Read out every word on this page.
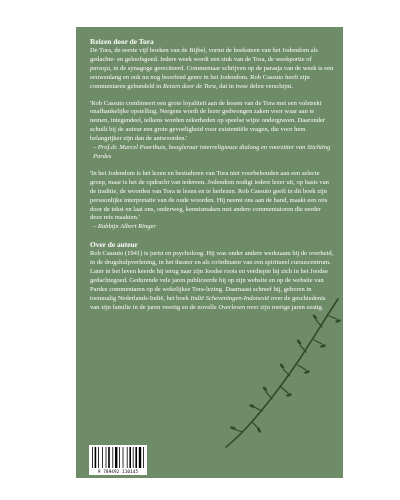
Reizen door de Tora

De Tora, de eerste vijf boeken van de Bijbel, vormt de hoeksteen van het Jodendom als gedachte- en geloofsgoed. Iedere week wordt een stuk van de Tora, de weekportie of parasja, in de synagoge gereciteerd. Commentaar schrijven op de parasja van de week is een eeuwenlang en ook nu nog beoefend genre in het Jodendom. Rob Cassuto heeft zijn commentaren gebundeld in Reizen door de Tora, dat in twee delen verschijnt.

'Rob Cassuto combineert een grote loyaliteit aan de lessen van de Tora met een volstrekt onafhankelijke opstelling. Nergens wordt de lezer gedwongen zaken voor waar aan te nemen, integendeel, telkens worden zekerheden op speelse wijze ondergraven. Daaronder schuilt bij de auteur een grote gevoeligheid voor existentiële vragen, die voor hem belangrijker zijn dan de antwoorden.'

– Prof.dr. Marcel Poorthuis, hoogleraar interreligieuze dialoog en voorzitter van Stichting Pardes

'In het Jodendom is het lezen en bestuderen van Tora niet voorbehouden aan een selecte groep, maar is het de opdracht van iedereen. Jodendom nodigt iedere lezer uit, op basis van de traditie, de woorden van Tora te lezen en te herlezen. Rob Cassuto geeft in dit boek zijn persoonlijke interpretatie van de oude woorden. Hij neemt ons aan de hand, maakt een reis door de tekst en laat ons, onderweg, kennismaken met andere commentatoren die eerder deze reis maakten.'

– Rabbijn Albert Ringer

Over de auteur

Rob Cassuto (1941) is jurist en psycholoog. Hij was onder andere werkzaam bij de overheid, in de drugshulpverlening, in het theater en als coördinator van een spiritueel cursuscentrum. Later in het leven keerde hij terug naar zijn Joodse roots en verdiepte hij zich in het Joodse gedachtegoed. Gedurende vele jaren publiceerde hij op zijn website en op de website van Pardes commentaren op de wekelijkse Tora-lezing. Daarnaast schreef hij, geboren in toenmalig Nederlands-Indië, het boek Indië Scheveningen-Indonesië over de geschiedenis van zijn familie in de jaren veertig en de novelle Overleven over zijn roerige jaren zestig.

9 789492 110145
